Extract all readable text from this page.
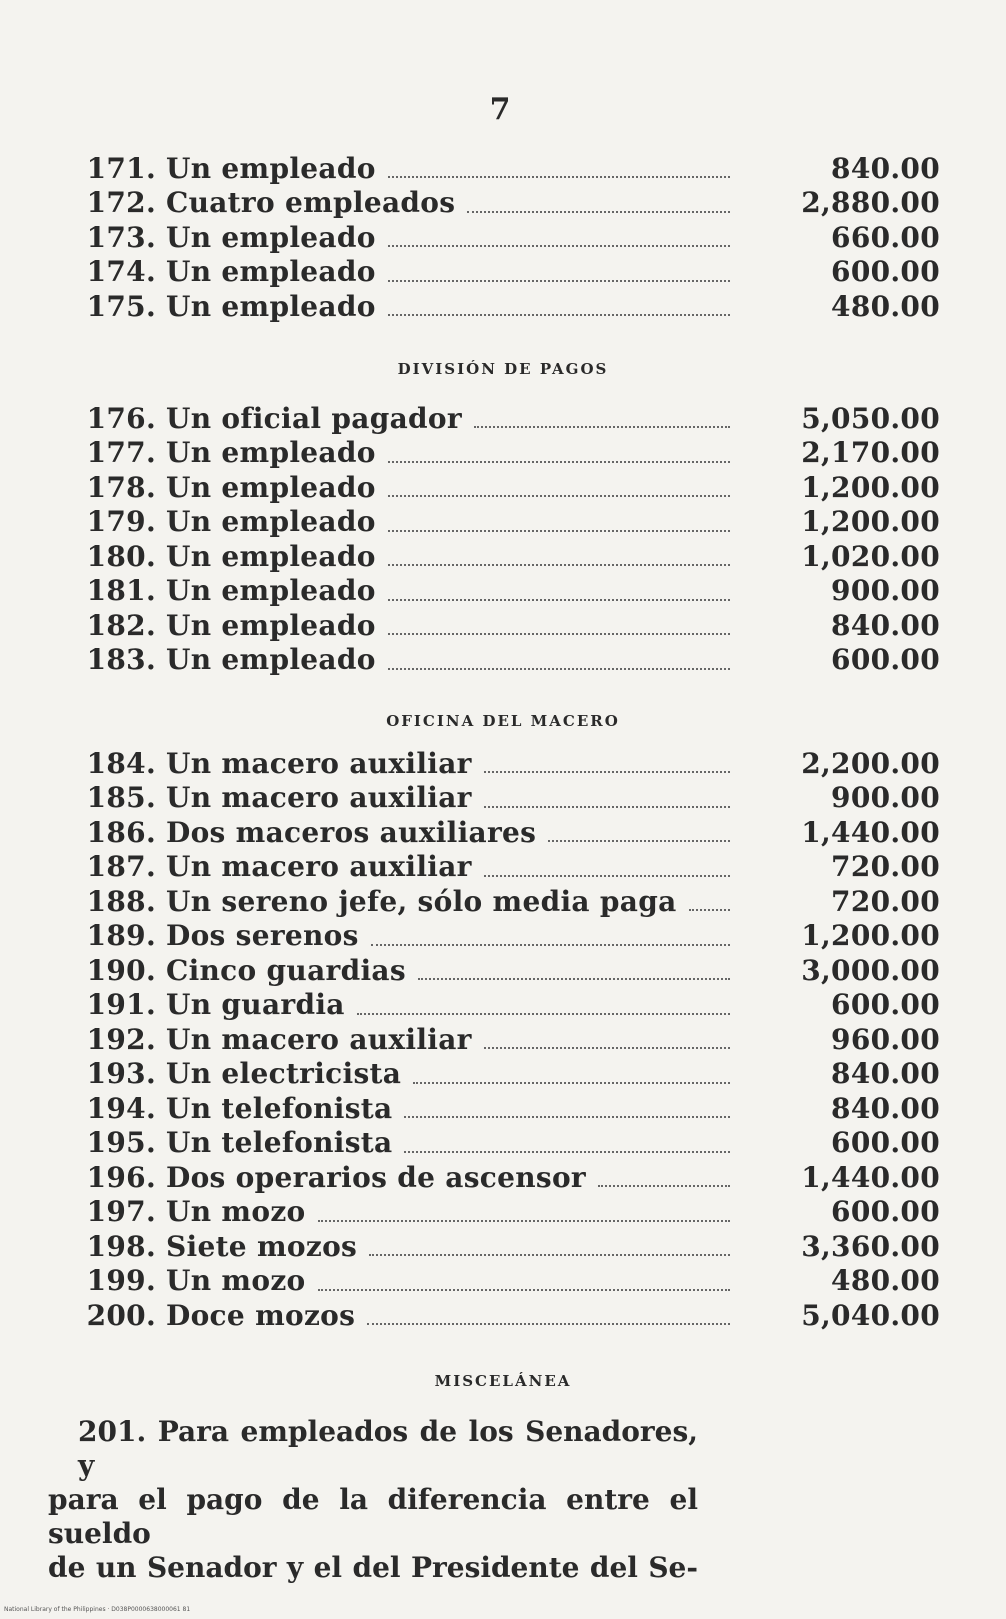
7
171. Un empleado	840.00
172. Cuatro empleados	2,880.00
173. Un empleado	660.00
174. Un empleado	600.00
175. Un empleado	480.00
DIVISIÓN DE PAGOS
176. Un oficial pagador	5,050.00
177. Un empleado	2,170.00
178. Un empleado	1,200.00
179. Un empleado	1,200.00
180. Un empleado	1,020.00
181. Un empleado	900.00
182. Un empleado	840.00
183. Un empleado	600.00
OFICINA DEL MACERO
184. Un macero auxiliar	2,200.00
185. Un macero auxiliar	900.00
186. Dos maceros auxiliares	1,440.00
187. Un macero auxiliar	720.00
188. Un sereno jefe, sólo media paga	720.00
189. Dos serenos	1,200.00
190. Cinco guardias	3,000.00
191. Un guardia	600.00
192. Un macero auxiliar	960.00
193. Un electricista	840.00
194. Un telefonista	840.00
195. Un telefonista	600.00
196. Dos operarios de ascensor	1,440.00
197. Un mozo	600.00
198. Siete mozos	3,360.00
199. Un mozo	480.00
200. Doce mozos	5,040.00
MISCELÁNEA
201. Para empleados de los Senadores, y
para el pago de la diferencia entre el sueldo
de un Senador y el del Presidente del Se-
National Library of the Philippines · D038P0000638000061 81
